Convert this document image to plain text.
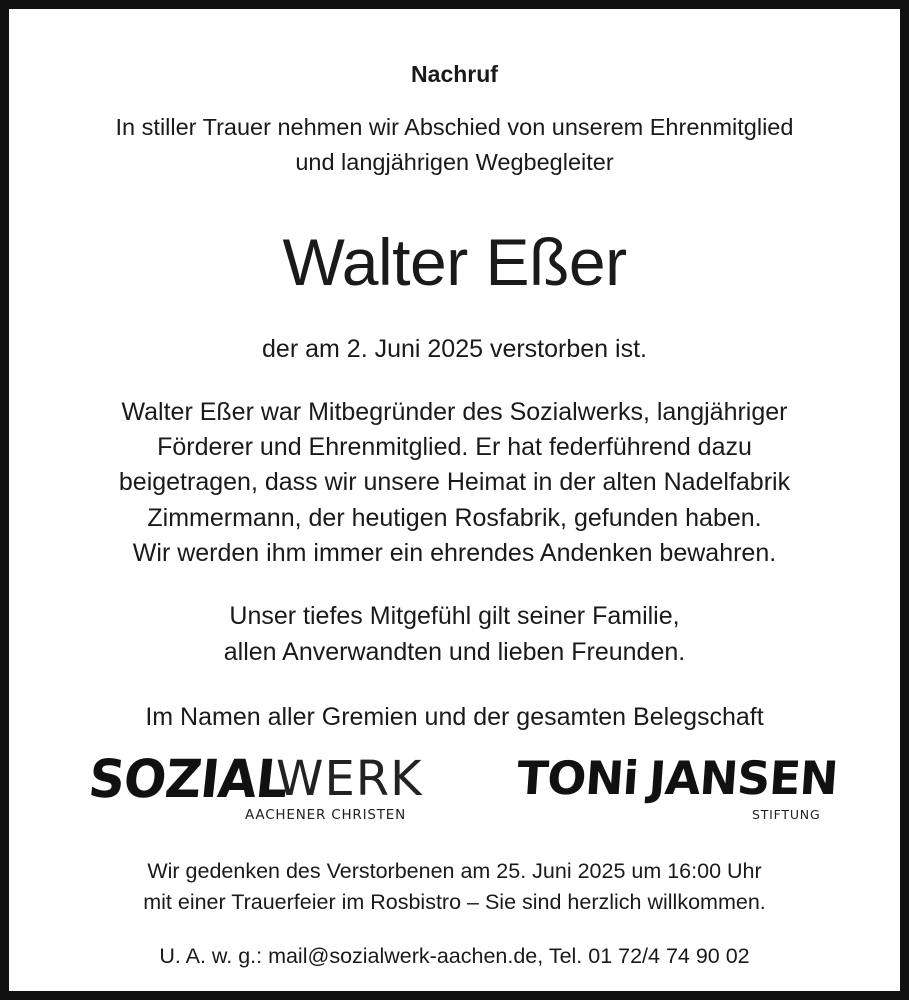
Nachruf
In stiller Trauer nehmen wir Abschied von unserem Ehrenmitglied
und langjährigen Wegbegleiter
Walter Eßer
der am 2. Juni 2025 verstorben ist.
Walter Eßer war Mitbegründer des Sozialwerks, langjähriger
Förderer und Ehrenmitglied. Er hat federführend dazu
beigetragen, dass wir unsere Heimat in der alten Nadelfabrik
Zimmermann, der heutigen Rosfabrik, gefunden haben.
Wir werden ihm immer ein ehrendes Andenken bewahren.
Unser tiefes Mitgefühl gilt seiner Familie,
allen Anverwandten und lieben Freunden.
Im Namen aller Gremien und der gesamten Belegschaft
SOZIAL
WERK
AACHENER CHRISTEN
TONi JANSEN
STIFTUNG
Wir gedenken des Verstorbenen am 25. Juni 2025 um 16:00 Uhr
mit einer Trauerfeier im Rosbistro – Sie sind herzlich willkommen.
U. A. w. g.: mail@sozialwerk-aachen.de, Tel. 01 72/4 74 90 02
